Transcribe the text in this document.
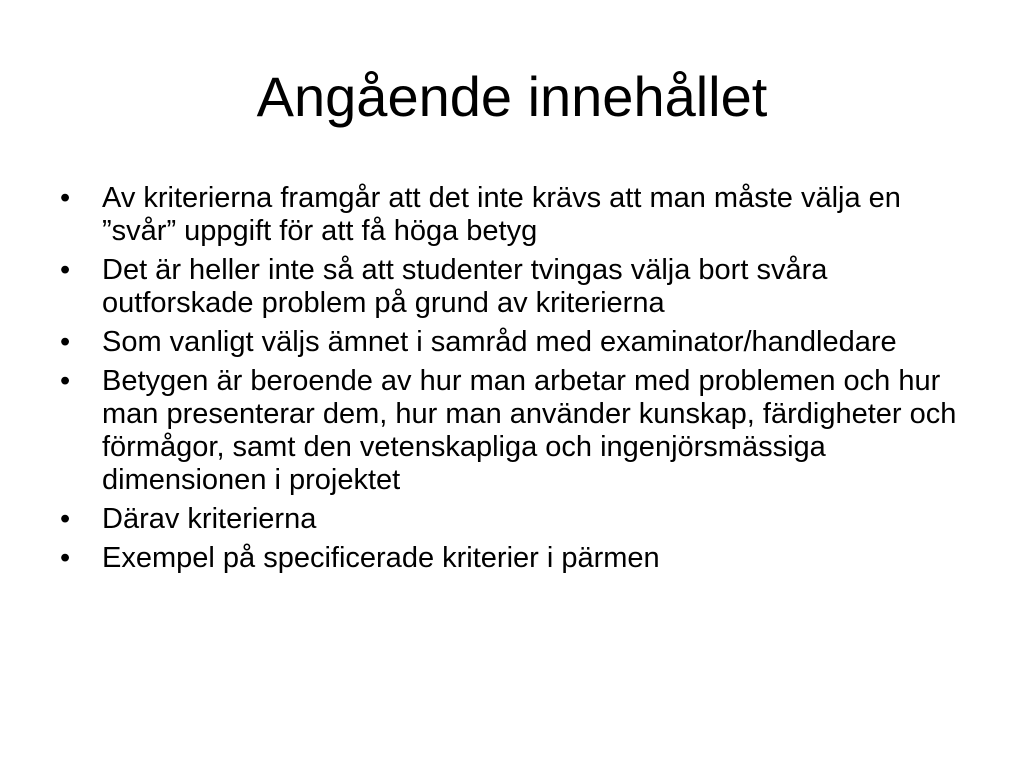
Angående innehållet
•	Av kriterierna framgår att det inte krävs att man måste välja en ”svår” uppgift för att få höga betyg
•	Det är heller inte så att studenter tvingas välja bort svåra outforskade problem på grund av kriterierna
•	Som vanligt väljs ämnet i samråd med examinator/handledare
•	Betygen är beroende av hur man arbetar med problemen och hur man presenterar dem, hur man använder kunskap, färdigheter och förmågor, samt den vetenskapliga och ingenjörsmässiga dimensionen i projektet
•	Därav kriterierna
•	Exempel på specificerade kriterier i pärmen
